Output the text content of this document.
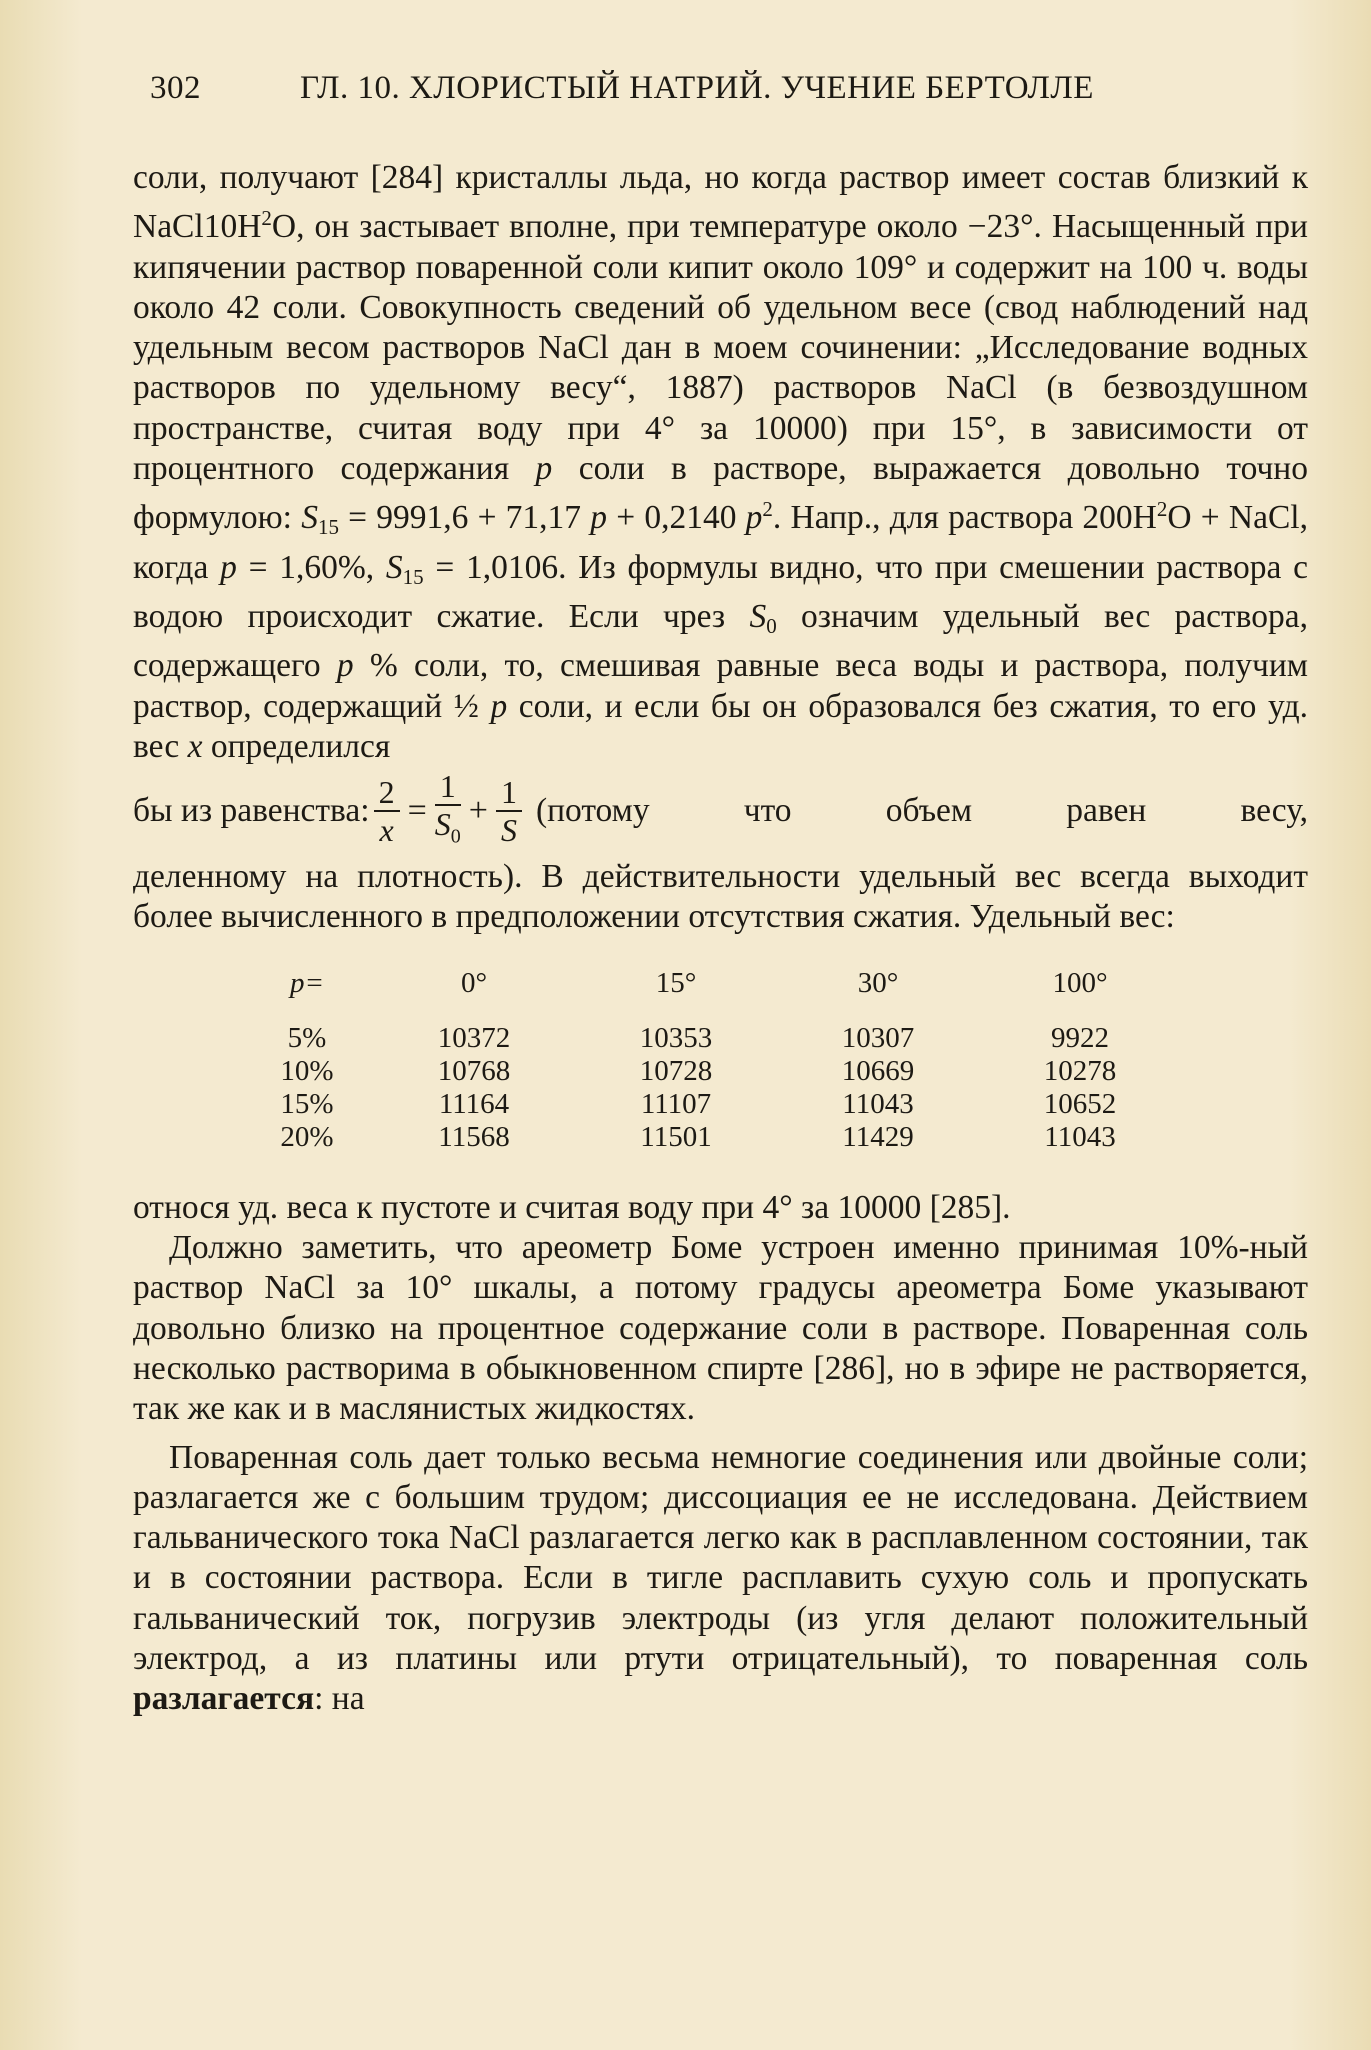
302	ГЛ. 10. ХЛОРИСТЫЙ НАТРИЙ. УЧЕНИЕ БЕРТОЛЛЕ

соли, получают [284] кристаллы льда, но когда раствор имеет состав близкий к $NaCl10H^2O$, он застывает вполне, при температуре около −23°. Насыщенный при кипячении раствор поваренной соли кипит около 109° и содержит на 100 ч. воды около 42 соли. Совокупность сведений об удельном весе (свод наблюдений над удельным весом растворов NaCl дан в моем сочинении: „Исследование водных растворов по удельному весу“, 1887) растворов NaCl (в безвоздушном пространстве, считая воду при 4° за 10000) при 15°, в зависимости от процентного содержания p соли в растворе, выражается довольно точно формулою: $S_{15} = 9991,6 + 71,17$ p + 0,2140 $p^2$. Напр., для раствора $200H^2O$ + NaCl, когда p = 1,60%, $S_{15} = 1,0106$. Из формулы видно, что при смешении раствора с водою происходит сжатие. Если чрез $S_0$ означим удельный вес раствора, содержащего p % соли, то, смешивая равные веса воды и раствора, получим раствор, содержащий ½ p соли, и если бы он образовался без сжатия, то его уд. вес x определился

бы из равенства: $\frac{2}{x} = \frac{1}{S_0} + \frac{1}{S}$ (потому что объем равен весу,

деленному на плотность). В действительности удельный вес всегда выходит более вычисленного в предположении отсутствия сжатия. Удельный вес:

p=	0°	15°	30°	100°
5%	10372	10353	10307	9922
10%	10768	10728	10669	10278
15%	11164	11107	11043	10652
20%	11568	11501	11429	11043

относя уд. веса к пустоте и считая воду при 4° за 10000 [285].

Должно заметить, что ареометр Боме устроен именно принимая 10%-ный раствор NaCl за 10° шкалы, а потому градусы ареометра Боме указывают довольно близко на процентное содержание соли в растворе. Поваренная соль несколько растворима в обыкновенном спирте [286], но в эфире не растворяется, так же как и в маслянистых жидкостях.

Поваренная соль дает только весьма немногие соединения или двойные соли; разлагается же с большим трудом; диссоциация ее не исследована. Действием гальванического тока NaCl разлагается легко как в расплавленном состоянии, так и в состоянии раствора. Если в тигле расплавить сухую соль и пропускать гальванический ток, погрузив электроды (из угля делают положительный электрод, а из платины или ртути отрицательный), то поваренная соль разлагается: на
